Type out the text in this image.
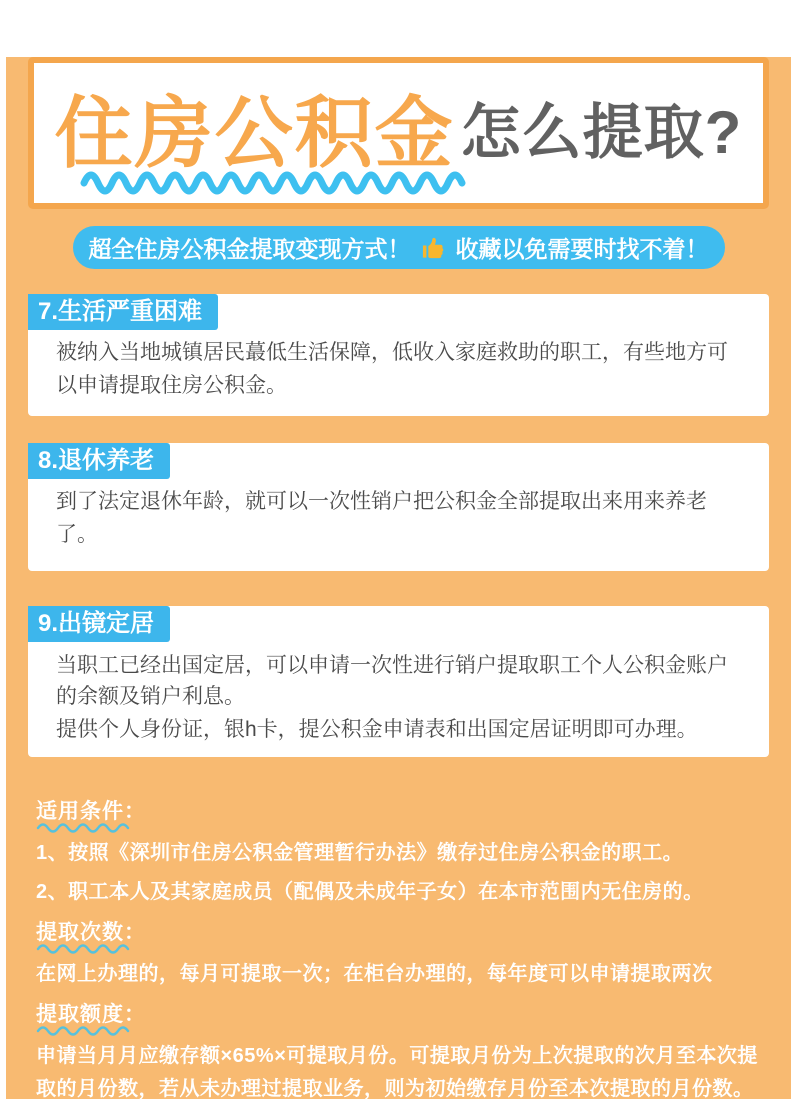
住房公积金 怎么提取?
超全住房公积金提取变现方式！ 收藏以免需要时找不着！
7.生活严重困难

被纳入当地城镇居民蕞低生活保障，低收入家庭救助的职工，有些地方可以申请提取住房公积金。

8.退休养老

到了法定退休年龄，就可以一次性销户把公积金全部提取出来用来养老了。

9.出镜定居

当职工已经出国定居，可以申请一次性进行销户提取职工个人公积金账户的余额及销户利息。

提供个人身份证，银h卡，提公积金申请表和出国定居证明即可办理。

适用条件：

1、按照《深圳市住房公积金管理暂行办法》缴存过住房公积金的职工。

2、职工本人及其家庭成员（配偶及未成年子女）在本市范围内无住房的。

提取次数：

在网上办理的，每月可提取一次；在柜台办理的，每年度可以申请提取两次

提取额度：

申请当月月应缴存额×65%×可提取月份。可提取月份为上次提取的次月至本次提取的月份数，若从未办理过提取业务，则为初始缴存月份至本次提取的月份数。
